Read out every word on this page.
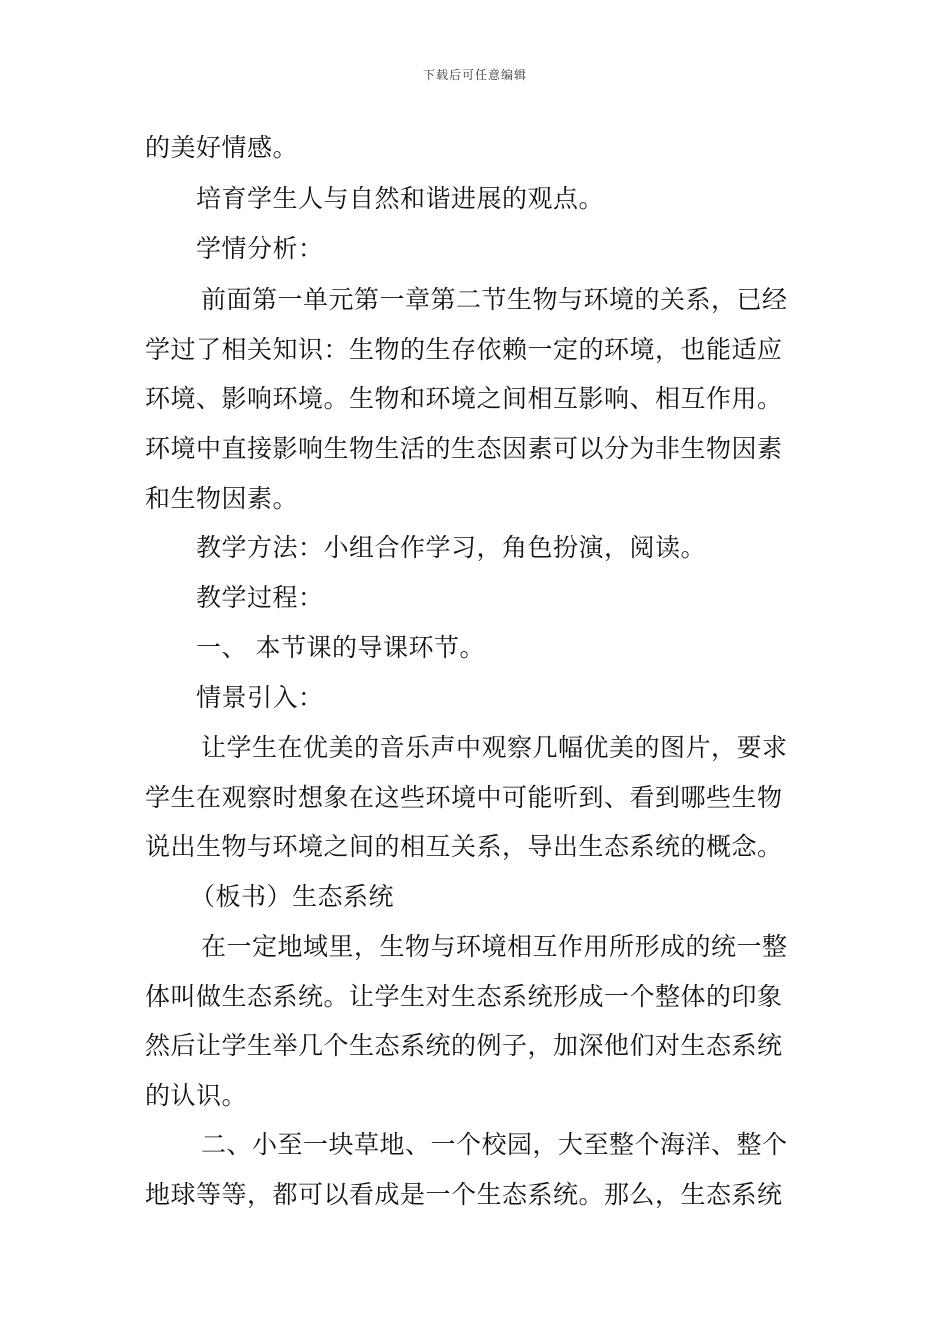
下载后可任意编辑
的美好情感。
培育学生人与自然和谐进展的观点。
学情分析：
前面第一单元第一章第二节生物与环境的关系，已经
学过了相关知识：生物的生存依赖一定的环境，也能适应
环境、影响环境。生物和环境之间相互影响、相互作用。
环境中直接影响生物生活的生态因素可以分为非生物因素
和生物因素。
教学方法：小组合作学习，角色扮演，阅读。
教学过程：
一、 本节课的导课环节。
情景引入：
让学生在优美的音乐声中观察几幅优美的图片，要求
学生在观察时想象在这些环境中可能听到、看到哪些生物
说出生物与环境之间的相互关系，导出生态系统的概念。
（板书）生态系统
在一定地域里，生物与环境相互作用所形成的统一整
体叫做生态系统。让学生对生态系统形成一个整体的印象
然后让学生举几个生态系统的例子，加深他们对生态系统
的认识。
二、小至一块草地、一个校园，大至整个海洋、整个
地球等等，都可以看成是一个生态系统。那么，生态系统
